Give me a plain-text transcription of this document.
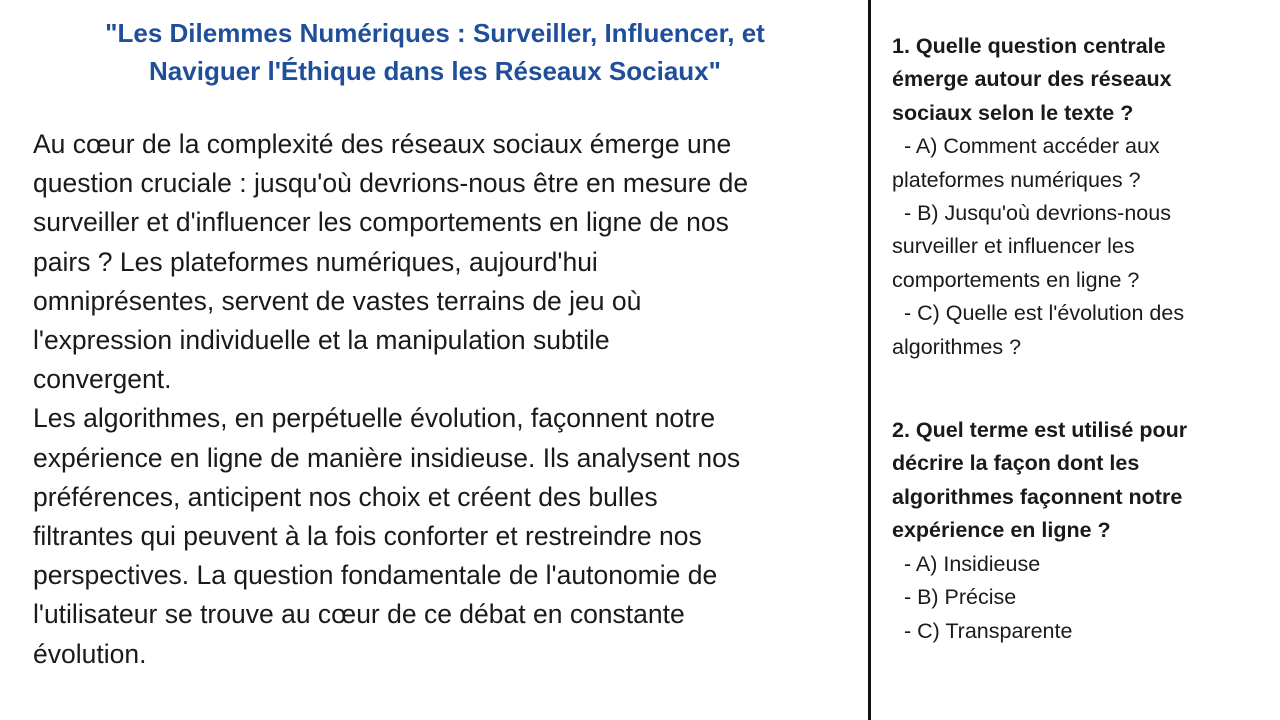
"Les Dilemmes Numériques : Surveiller, Influencer, et
Naviguer l'Éthique dans les Réseaux Sociaux"
Au cœur de la complexité des réseaux sociaux émerge une
question cruciale : jusqu'où devrions-nous être en mesure de
surveiller et d'influencer les comportements en ligne de nos
pairs ? Les plateformes numériques, aujourd'hui
omniprésentes, servent de vastes terrains de jeu où
l'expression individuelle et la manipulation subtile
convergent.
Les algorithmes, en perpétuelle évolution, façonnent notre
expérience en ligne de manière insidieuse. Ils analysent nos
préférences, anticipent nos choix et créent des bulles
filtrantes qui peuvent à la fois conforter et restreindre nos
perspectives. La question fondamentale de l'autonomie de
l'utilisateur se trouve au cœur de ce débat en constante
évolution.
1. Quelle question centrale
émerge autour des réseaux
sociaux selon le texte ?
- A) Comment accéder aux
plateformes numériques ?
- B) Jusqu'où devrions-nous
surveiller et influencer les
comportements en ligne ?
- C) Quelle est l'évolution des
algorithmes ?
2. Quel terme est utilisé pour
décrire la façon dont les
algorithmes façonnent notre
expérience en ligne ?
- A) Insidieuse
- B) Précise
- C) Transparente
